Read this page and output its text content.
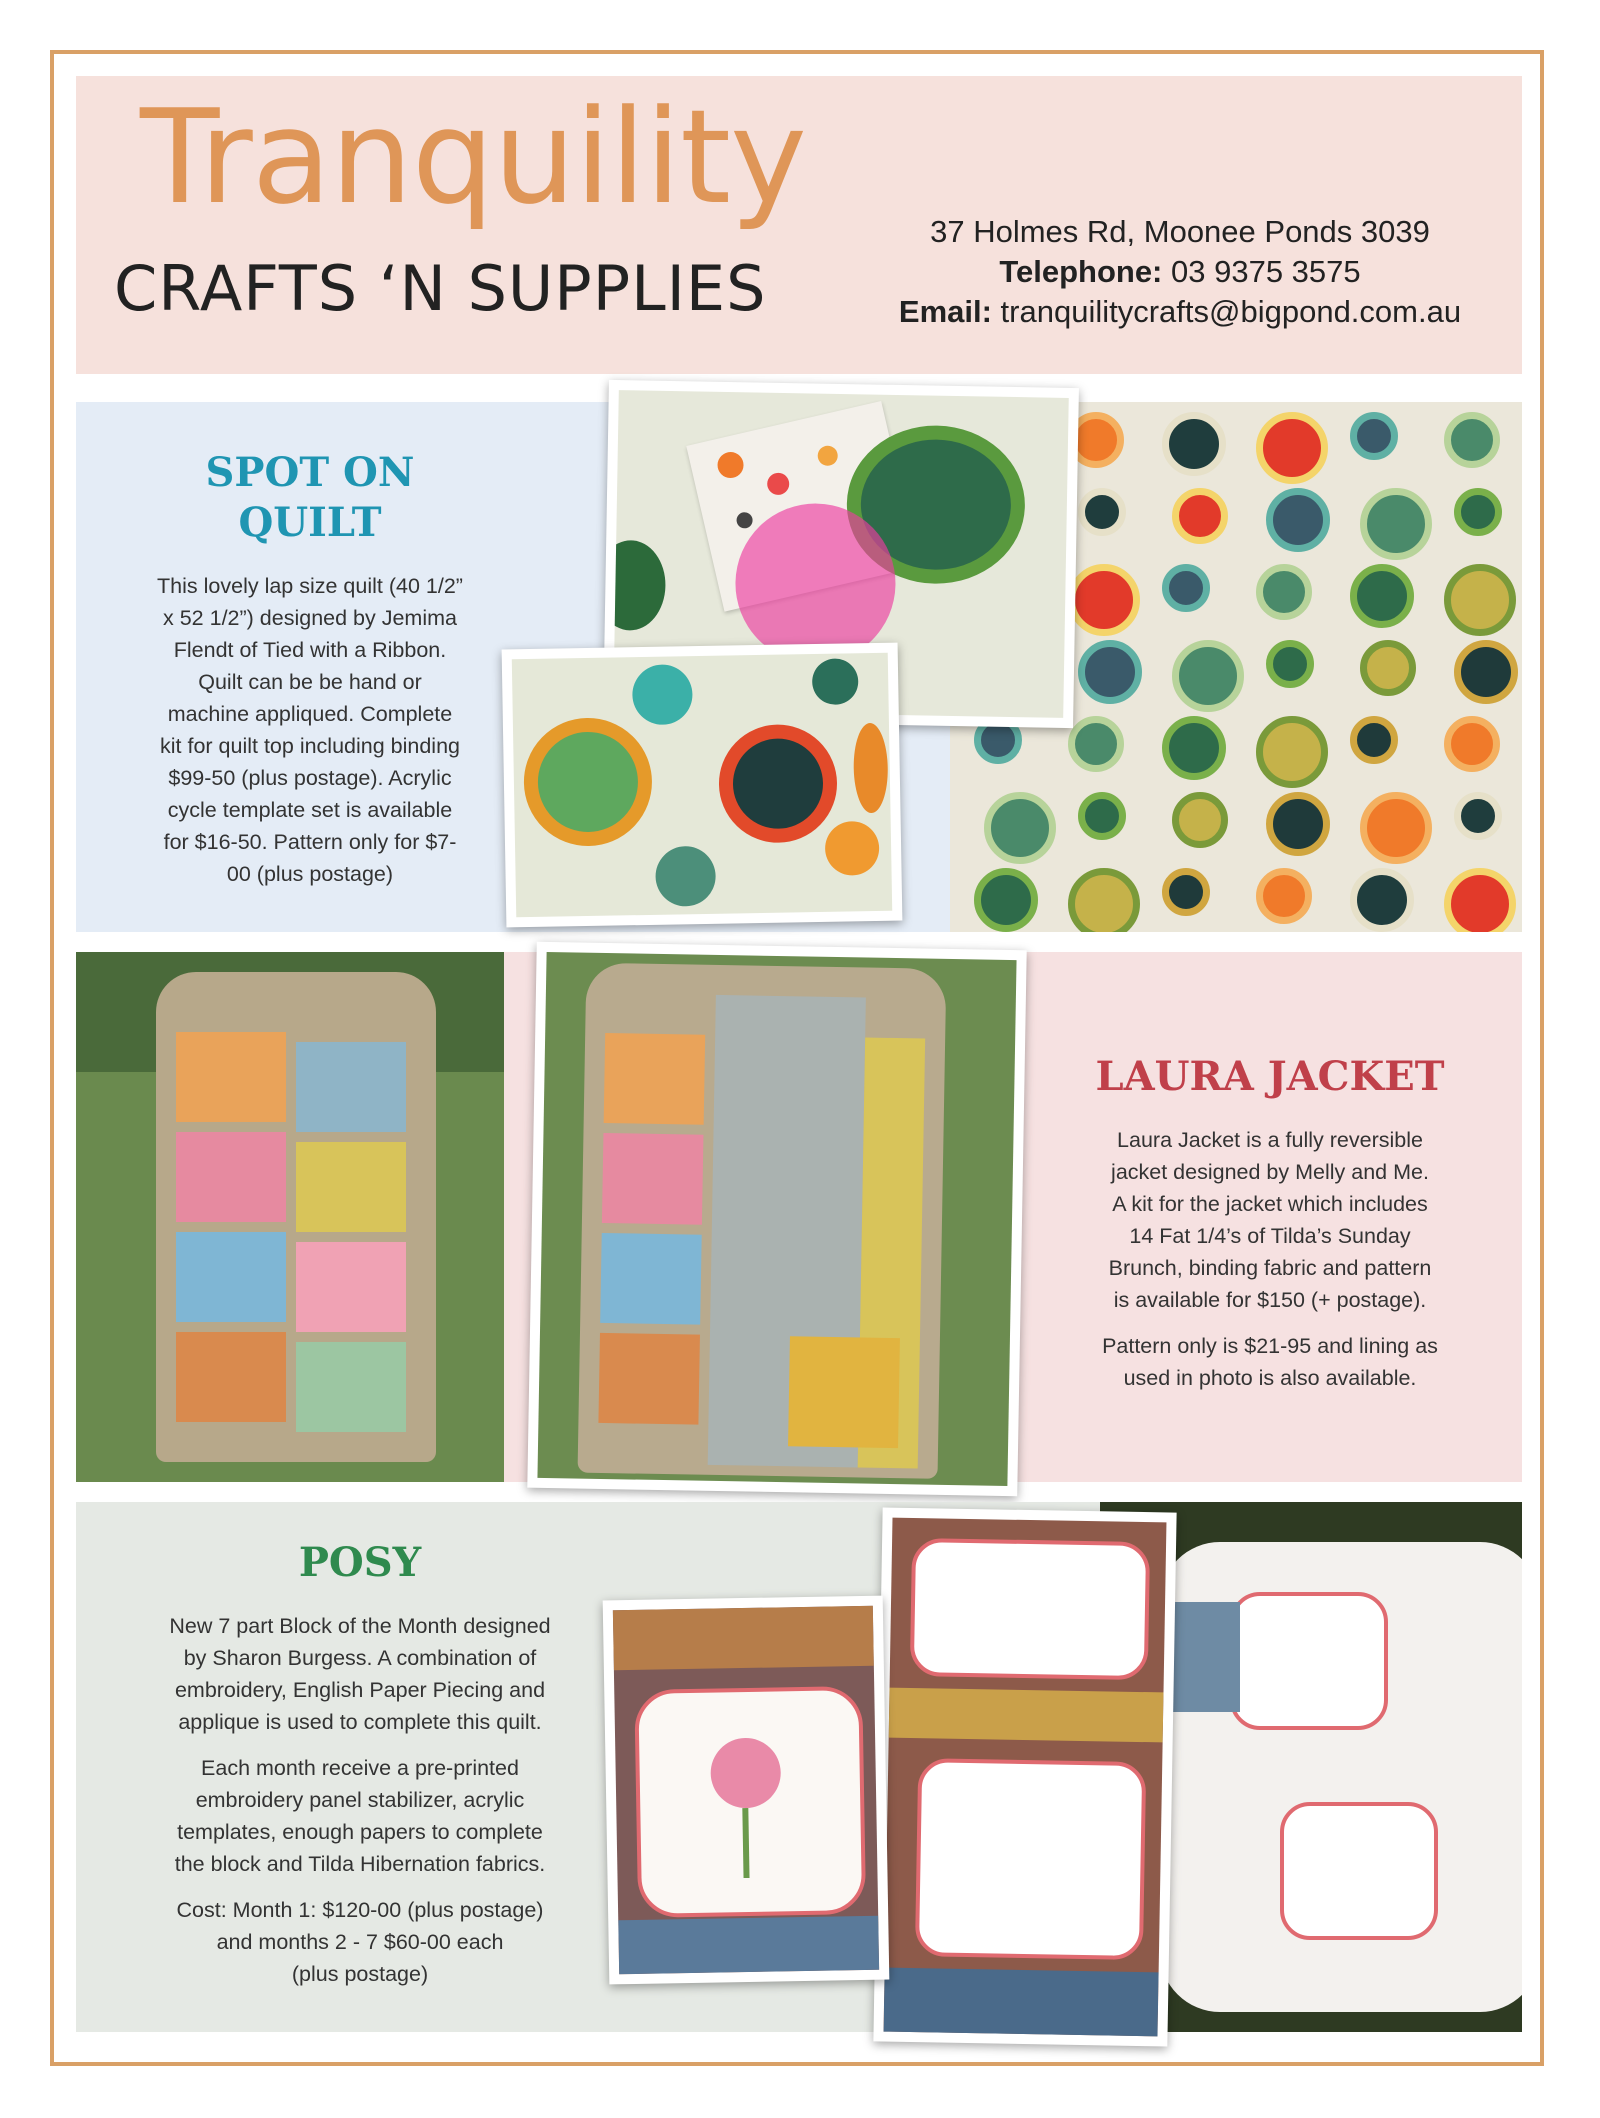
Tranquility
CRAFTS ‘N SUPPLIES
37 Holmes Rd, Moonee Ponds 3039
Telephone: 03 9375 3575
Email: tranquilitycrafts@bigpond.com.au
SPOT ON
QUILT
This lovely lap size quilt (40 1/2”
x 52 1/2”) designed by Jemima
Flendt of Tied with a Ribbon.
Quilt can be be hand or
machine appliqued. Complete
kit for quilt top including binding
$99-50 (plus postage). Acrylic
cycle template set is available
for $16-50. Pattern only for $7-
00 (plus postage)
LAURA JACKET

Laura Jacket is a fully reversible
jacket designed by Melly and Me.
A kit for the jacket which includes
14 Fat 1/4’s of Tilda’s Sunday
Brunch, binding fabric and pattern
is available for $150 (+ postage).

Pattern only is $21-95 and lining as
used in photo is also available.

POSY

New 7 part Block of the Month designed
by Sharon Burgess. A combination of
embroidery, English Paper Piecing and
applique is used to complete this quilt.

Each month receive a pre-printed
embroidery panel stabilizer, acrylic
templates, enough papers to complete
the block and Tilda Hibernation fabrics.

Cost: Month 1: $120-00 (plus postage)
and months 2 - 7 $60-00 each
(plus postage)
